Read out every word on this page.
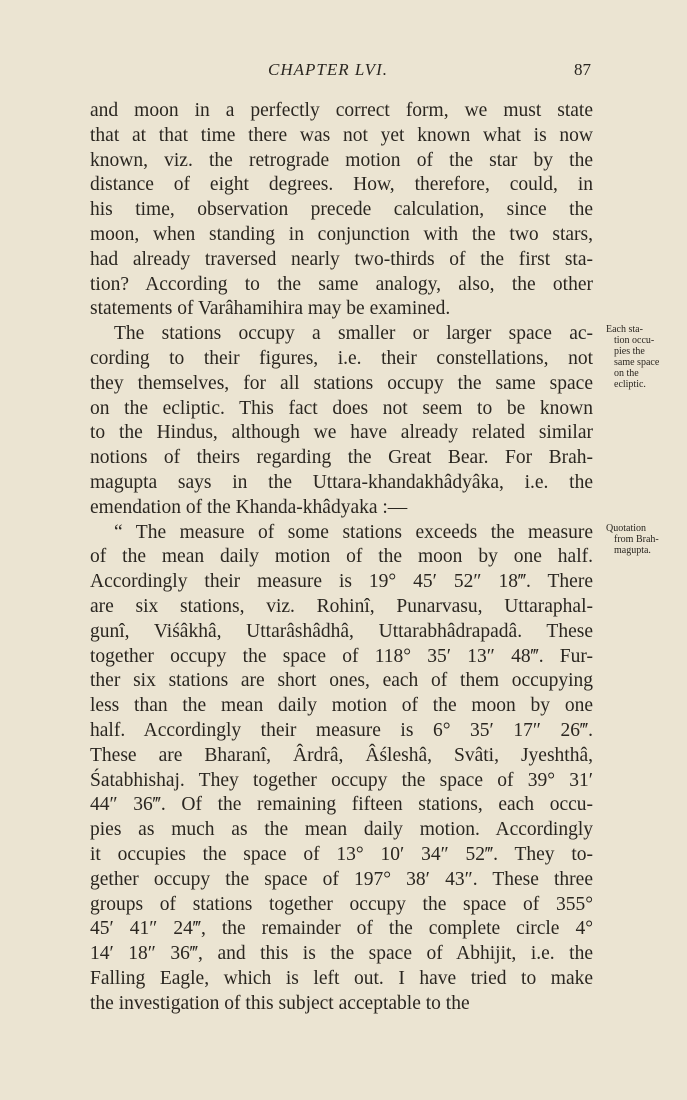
CHAPTER LVI.	87
and moon in a perfectly correct form, we must state
that at that time there was not yet known what is now
known, viz. the retrograde motion of the star by the
distance of eight degrees. How, therefore, could, in
his time, observation precede calculation, since the
moon, when standing in conjunction with the two stars,
had already traversed nearly two-thirds of the first sta-
tion? According to the same analogy, also, the other
statements of Varâhamihira may be examined.
The stations occupy a smaller or larger space ac-
cording to their figures, i.e. their constellations, not
they themselves, for all stations occupy the same space
on the ecliptic. This fact does not seem to be known
to the Hindus, although we have already related similar
notions of theirs regarding the Great Bear. For Brah-
magupta says in the Uttara-khandakhâdyâka, i.e. the
emendation of the Khanda-khâdyaka :—
“ The measure of some stations exceeds the measure
of the mean daily motion of the moon by one half.
Accordingly their measure is 19° 45′ 52″ 18‴. There
are six stations, viz. Rohinî, Punarvasu, Uttaraphal-
gunî, Viśâkhâ, Uttarâshâdhâ, Uttarabhâdrapadâ. These
together occupy the space of 118° 35′ 13″ 48‴. Fur-
ther six stations are short ones, each of them occupying
less than the mean daily motion of the moon by one
half. Accordingly their measure is 6° 35′ 17″ 26‴.
These are Bharanî, Ârdrâ, Âśleshâ, Svâti, Jyeshthâ,
Śatabhishaj. They together occupy the space of 39° 31′
44″ 36‴. Of the remaining fifteen stations, each occu-
pies as much as the mean daily motion. Accordingly
it occupies the space of 13° 10′ 34″ 52‴. They to-
gether occupy the space of 197° 38′ 43″. These three
groups of stations together occupy the space of 355°
45′ 41″ 24‴, the remainder of the complete circle 4°
14′ 18″ 36‴, and this is the space of Abhijit, i.e. the
Falling Eagle, which is left out. I have tried to make
the investigation of this subject acceptable to the
Each sta-
tion occu-
pies the
same space
on the
ecliptic.
Quotation
from Brah-
magupta.
